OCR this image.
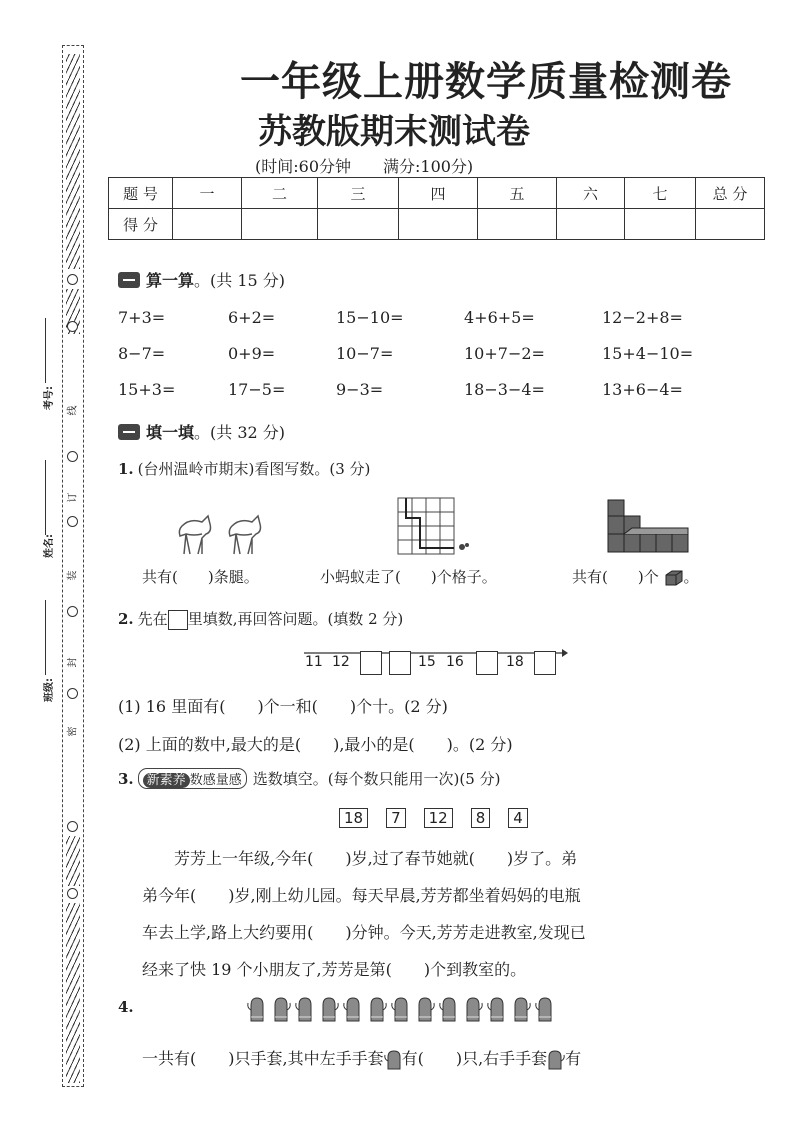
考号:
姓名:
班级:
线
订
装
封
密
一年级上册数学质量检测卷
苏教版期末测试卷
(时间:60分钟　　满分:100分)
题 号	一	二	三	四	五	六	七	总 分
得 分								
算一算 。(共 15 分)
7+3=	6+2=	15−10=	4+6+5=	12−2+8=
8−7=	0+9=	10−7=	10+7−2=	15+4−10=
15+3=	17−5=	9−3=	18−3−4=	13+6−4=
填一填 。(共 32 分)
1. (台州温岭市期末)看图写数。(3 分)
共有(　　)条腿。	小蚂蚁走了(　　)个格子。	共有(　　)个 。
2. 先在 里填数,再回答问题。(填数 2 分)
11 12	15 16	18
(1) 16 里面有(　　)个一和(　　)个十。(2 分)
(2) 上面的数中,最大的是(　　),最小的是(　　)。(2 分)
3. 新素养 数感量感 选数填空。(每个数只能用一次)(5 分)
18 7 12 8 4
芳芳上一年级,今年(　　)岁,过了春节她就(　　)岁了。弟
弟今年(　　)岁,刚上幼儿园。每天早晨,芳芳都坐着妈妈的电瓶
车去上学,路上大约要用(　　)分钟。今天,芳芳走进教室,发现已
经来了快 19 个小朋友了,芳芳是第(　　)个到教室的。
4.
一共有(　　)只手套,其中左手手套 有(　　)只,右手手套 有
